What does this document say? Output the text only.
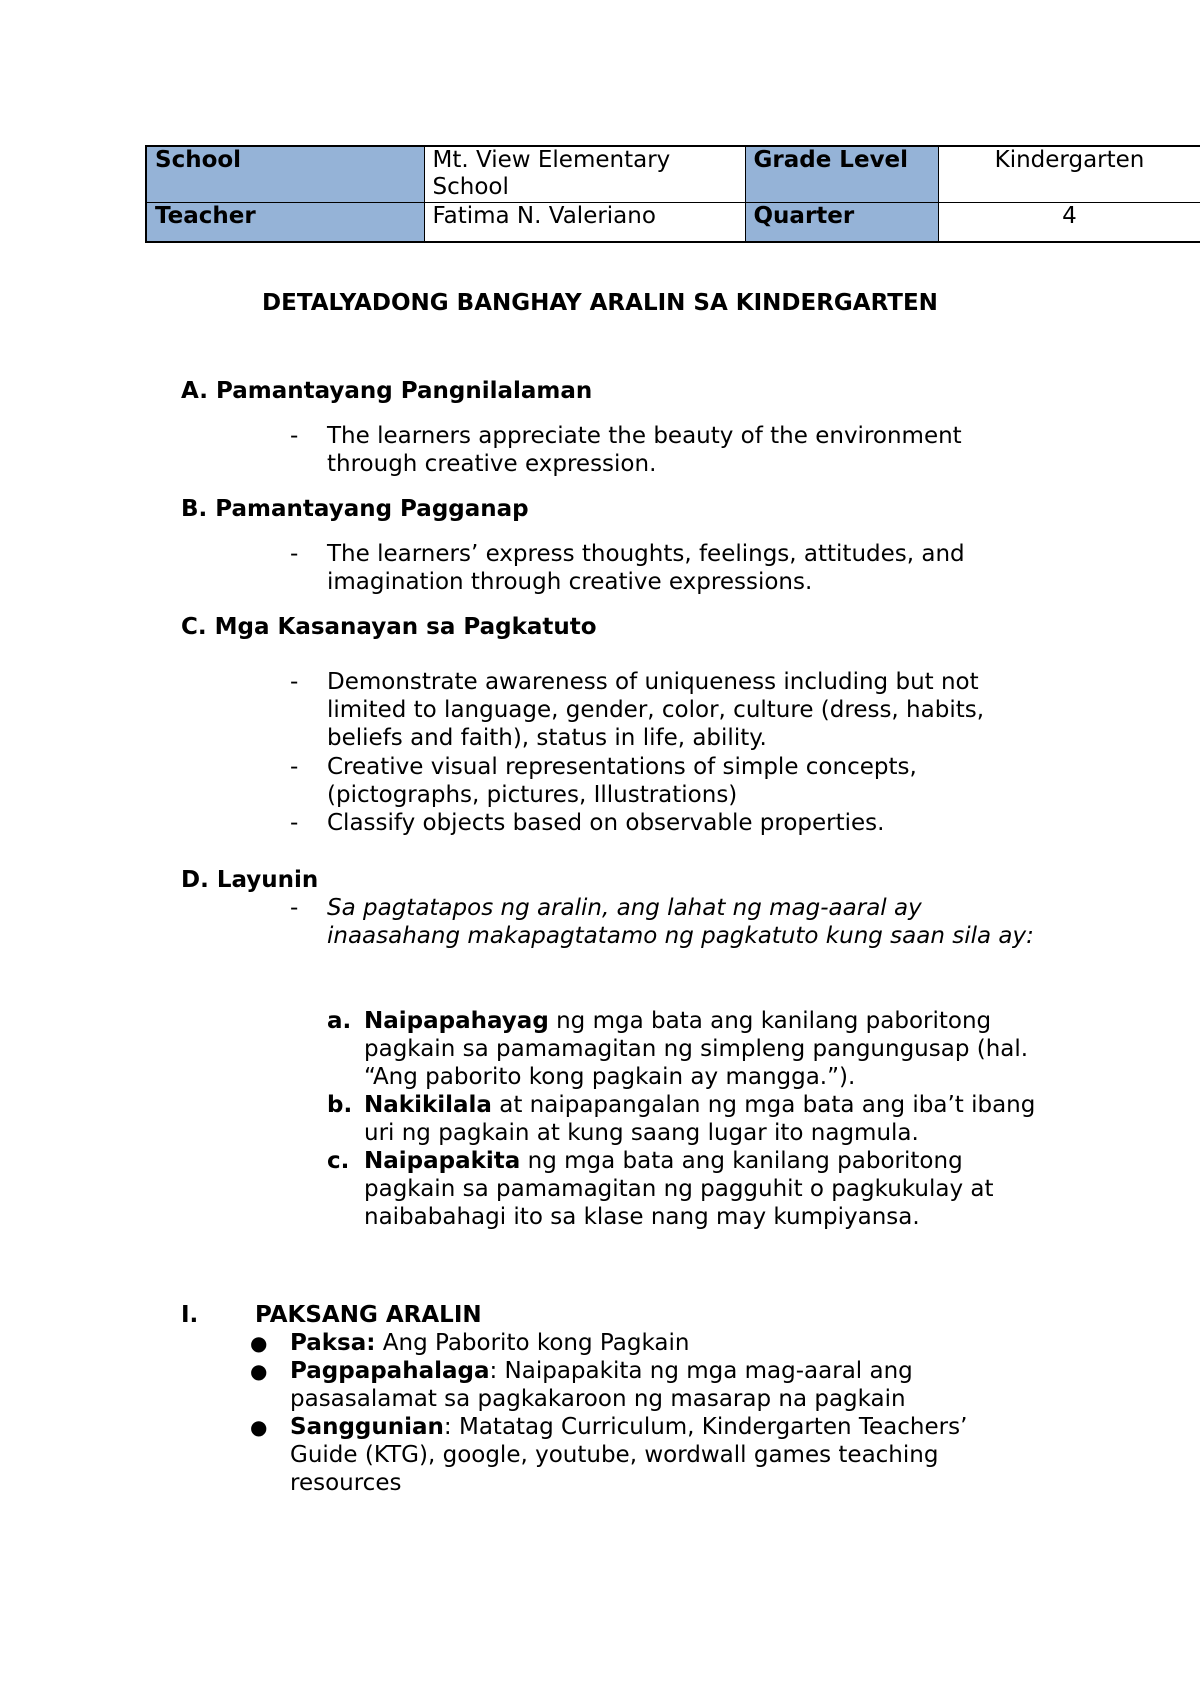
School	Mt. View Elementary School	Grade Level	Kindergarten
Teacher	Fatima N. Valeriano	Quarter	4
DETALYADONG BANGHAY ARALIN SA KINDERGARTEN
A. Pamantayang Pangnilalaman
- The learners appreciate the beauty of the environment through creative expression.
B. Pamantayang Pagganap
- The learners’ express thoughts, feelings, attitudes, and imagination through creative expressions.
C. Mga Kasanayan sa Pagkatuto
- Demonstrate awareness of uniqueness including but not limited to language, gender, color, culture (dress, habits, beliefs and faith), status in life, ability.
- Creative visual representations of simple concepts, (pictographs, pictures, Illustrations)
- Classify objects based on observable properties.
D. Layunin
- Sa pagtatapos ng aralin, ang lahat ng mag-aaral ay inaasahang makapagtatamo ng pagkatuto kung saan sila ay:
a. Naipapahayag ng mga bata ang kanilang paboritong pagkain sa pamamagitan ng simpleng pangungusap (hal. “Ang paborito kong pagkain ay mangga.”).
b. Nakikilala at naipapangalan ng mga bata ang iba’t ibang uri ng pagkain at kung saang lugar ito nagmula.
c. Naipapakita ng mga bata ang kanilang paboritong pagkain sa pamamagitan ng pagguhit o pagkukulay at naibabahagi ito sa klase nang may kumpiyansa.
I. PAKSANG ARALIN
● Paksa: Ang Paborito kong Pagkain
● Pagpapahalaga: Naipapakita ng mga mag-aaral ang pasasalamat sa pagkakaroon ng masarap na pagkain
● Sanggunian: Matatag Curriculum, Kindergarten Teachers’ Guide (KTG), google, youtube, wordwall games teaching resources
